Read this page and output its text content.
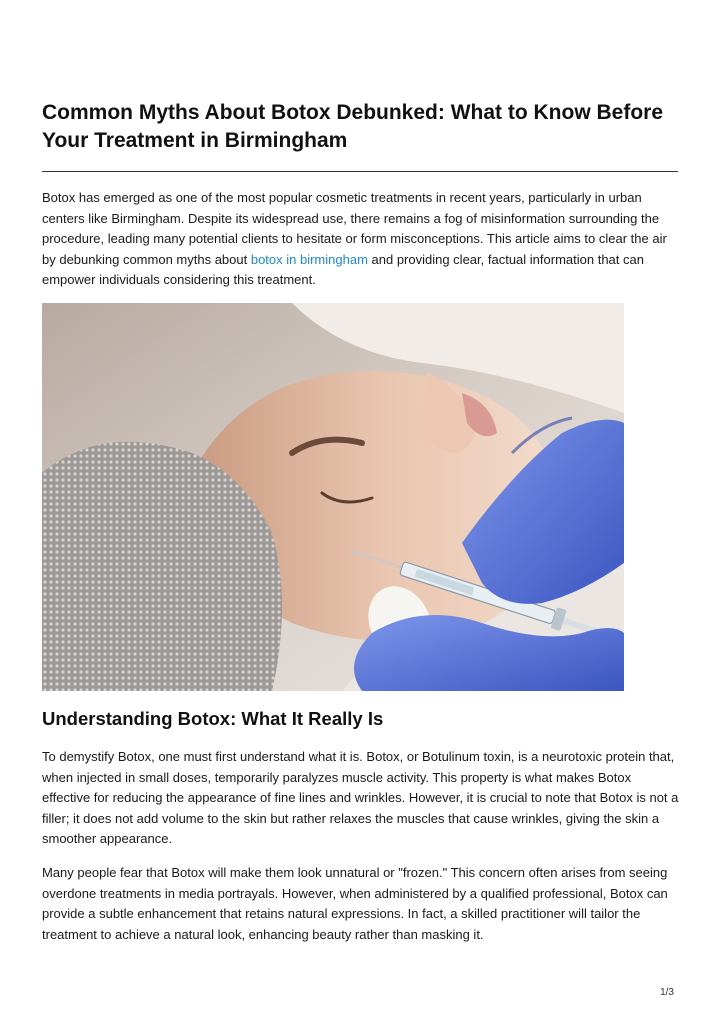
Common Myths About Botox Debunked: What to Know Before Your Treatment in Birmingham

Botox has emerged as one of the most popular cosmetic treatments in recent years, particularly in urban centers like Birmingham. Despite its widespread use, there remains a fog of misinformation surrounding the procedure, leading many potential clients to hesitate or form misconceptions. This article aims to clear the air by debunking common myths about botox in birmingham and providing clear, factual information that can empower individuals considering this treatment.

Understanding Botox: What It Really Is

To demystify Botox, one must first understand what it is. Botox, or Botulinum toxin, is a neurotoxic protein that, when injected in small doses, temporarily paralyzes muscle activity. This property is what makes Botox effective for reducing the appearance of fine lines and wrinkles. However, it is crucial to note that Botox is not a filler; it does not add volume to the skin but rather relaxes the muscles that cause wrinkles, giving the skin a smoother appearance.

Many people fear that Botox will make them look unnatural or "frozen." This concern often arises from seeing overdone treatments in media portrayals. However, when administered by a qualified professional, Botox can provide a subtle enhancement that retains natural expressions. In fact, a skilled practitioner will tailor the treatment to achieve a natural look, enhancing beauty rather than masking it.

1/3
